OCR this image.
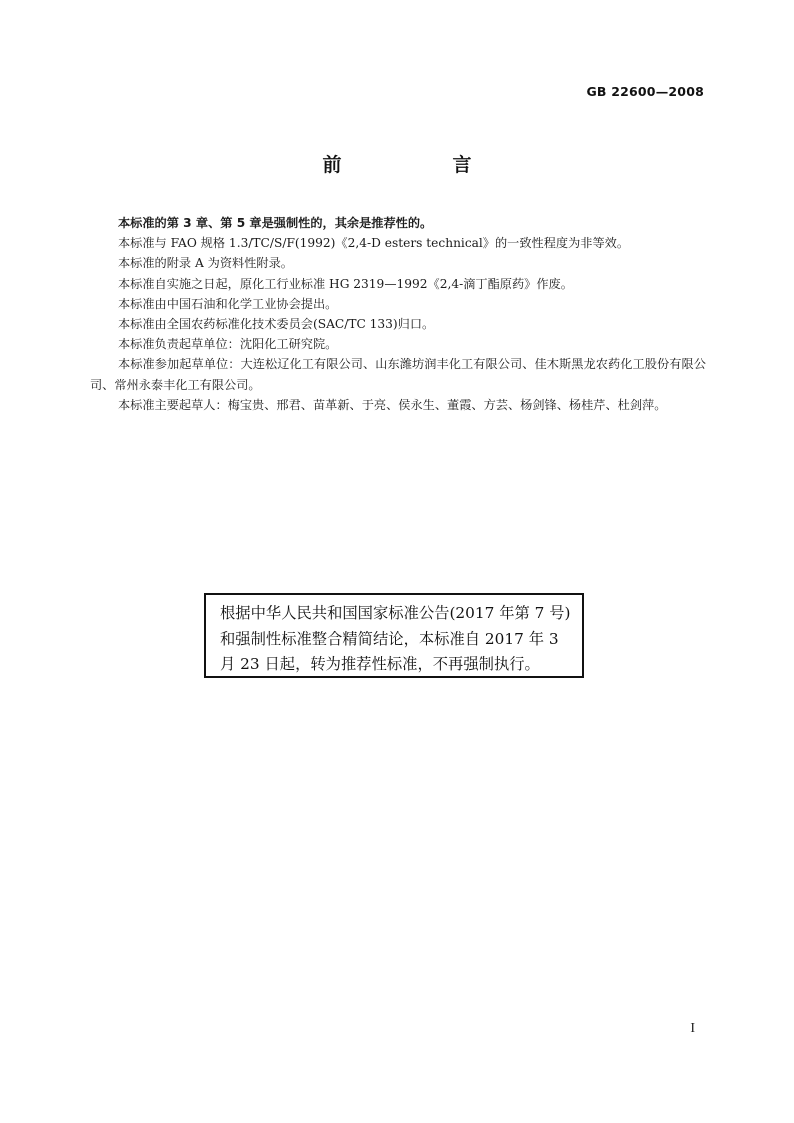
GB 22600—2008
前　言

本标准的第 3 章、第 5 章是强制性的，其余是推荐性的。

本标准与 FAO 规格 1.3/TC/S/F(1992)《2,4-D esters technical》的一致性程度为非等效。

本标准的附录 A 为资料性附录。

本标准自实施之日起，原化工行业标准 HG 2319—1992《2,4-滴丁酯原药》作废。

本标准由中国石油和化学工业协会提出。

本标准由全国农药标准化技术委员会(SAC/TC 133)归口。

本标准负责起草单位：沈阳化工研究院。

本标准参加起草单位：大连松辽化工有限公司、山东潍坊润丰化工有限公司、佳木斯黑龙农药化工股份有限公司、常州永泰丰化工有限公司。

本标准主要起草人：梅宝贵、邢君、苗革新、于亮、侯永生、董霞、方芸、杨剑锋、杨桂芹、杜剑萍。

根据中华人民共和国国家标准公告(2017 年第 7 号)和强制性标准整合精简结论，本标准自 2017 年 3 月 23 日起，转为推荐性标准，不再强制执行。
I
